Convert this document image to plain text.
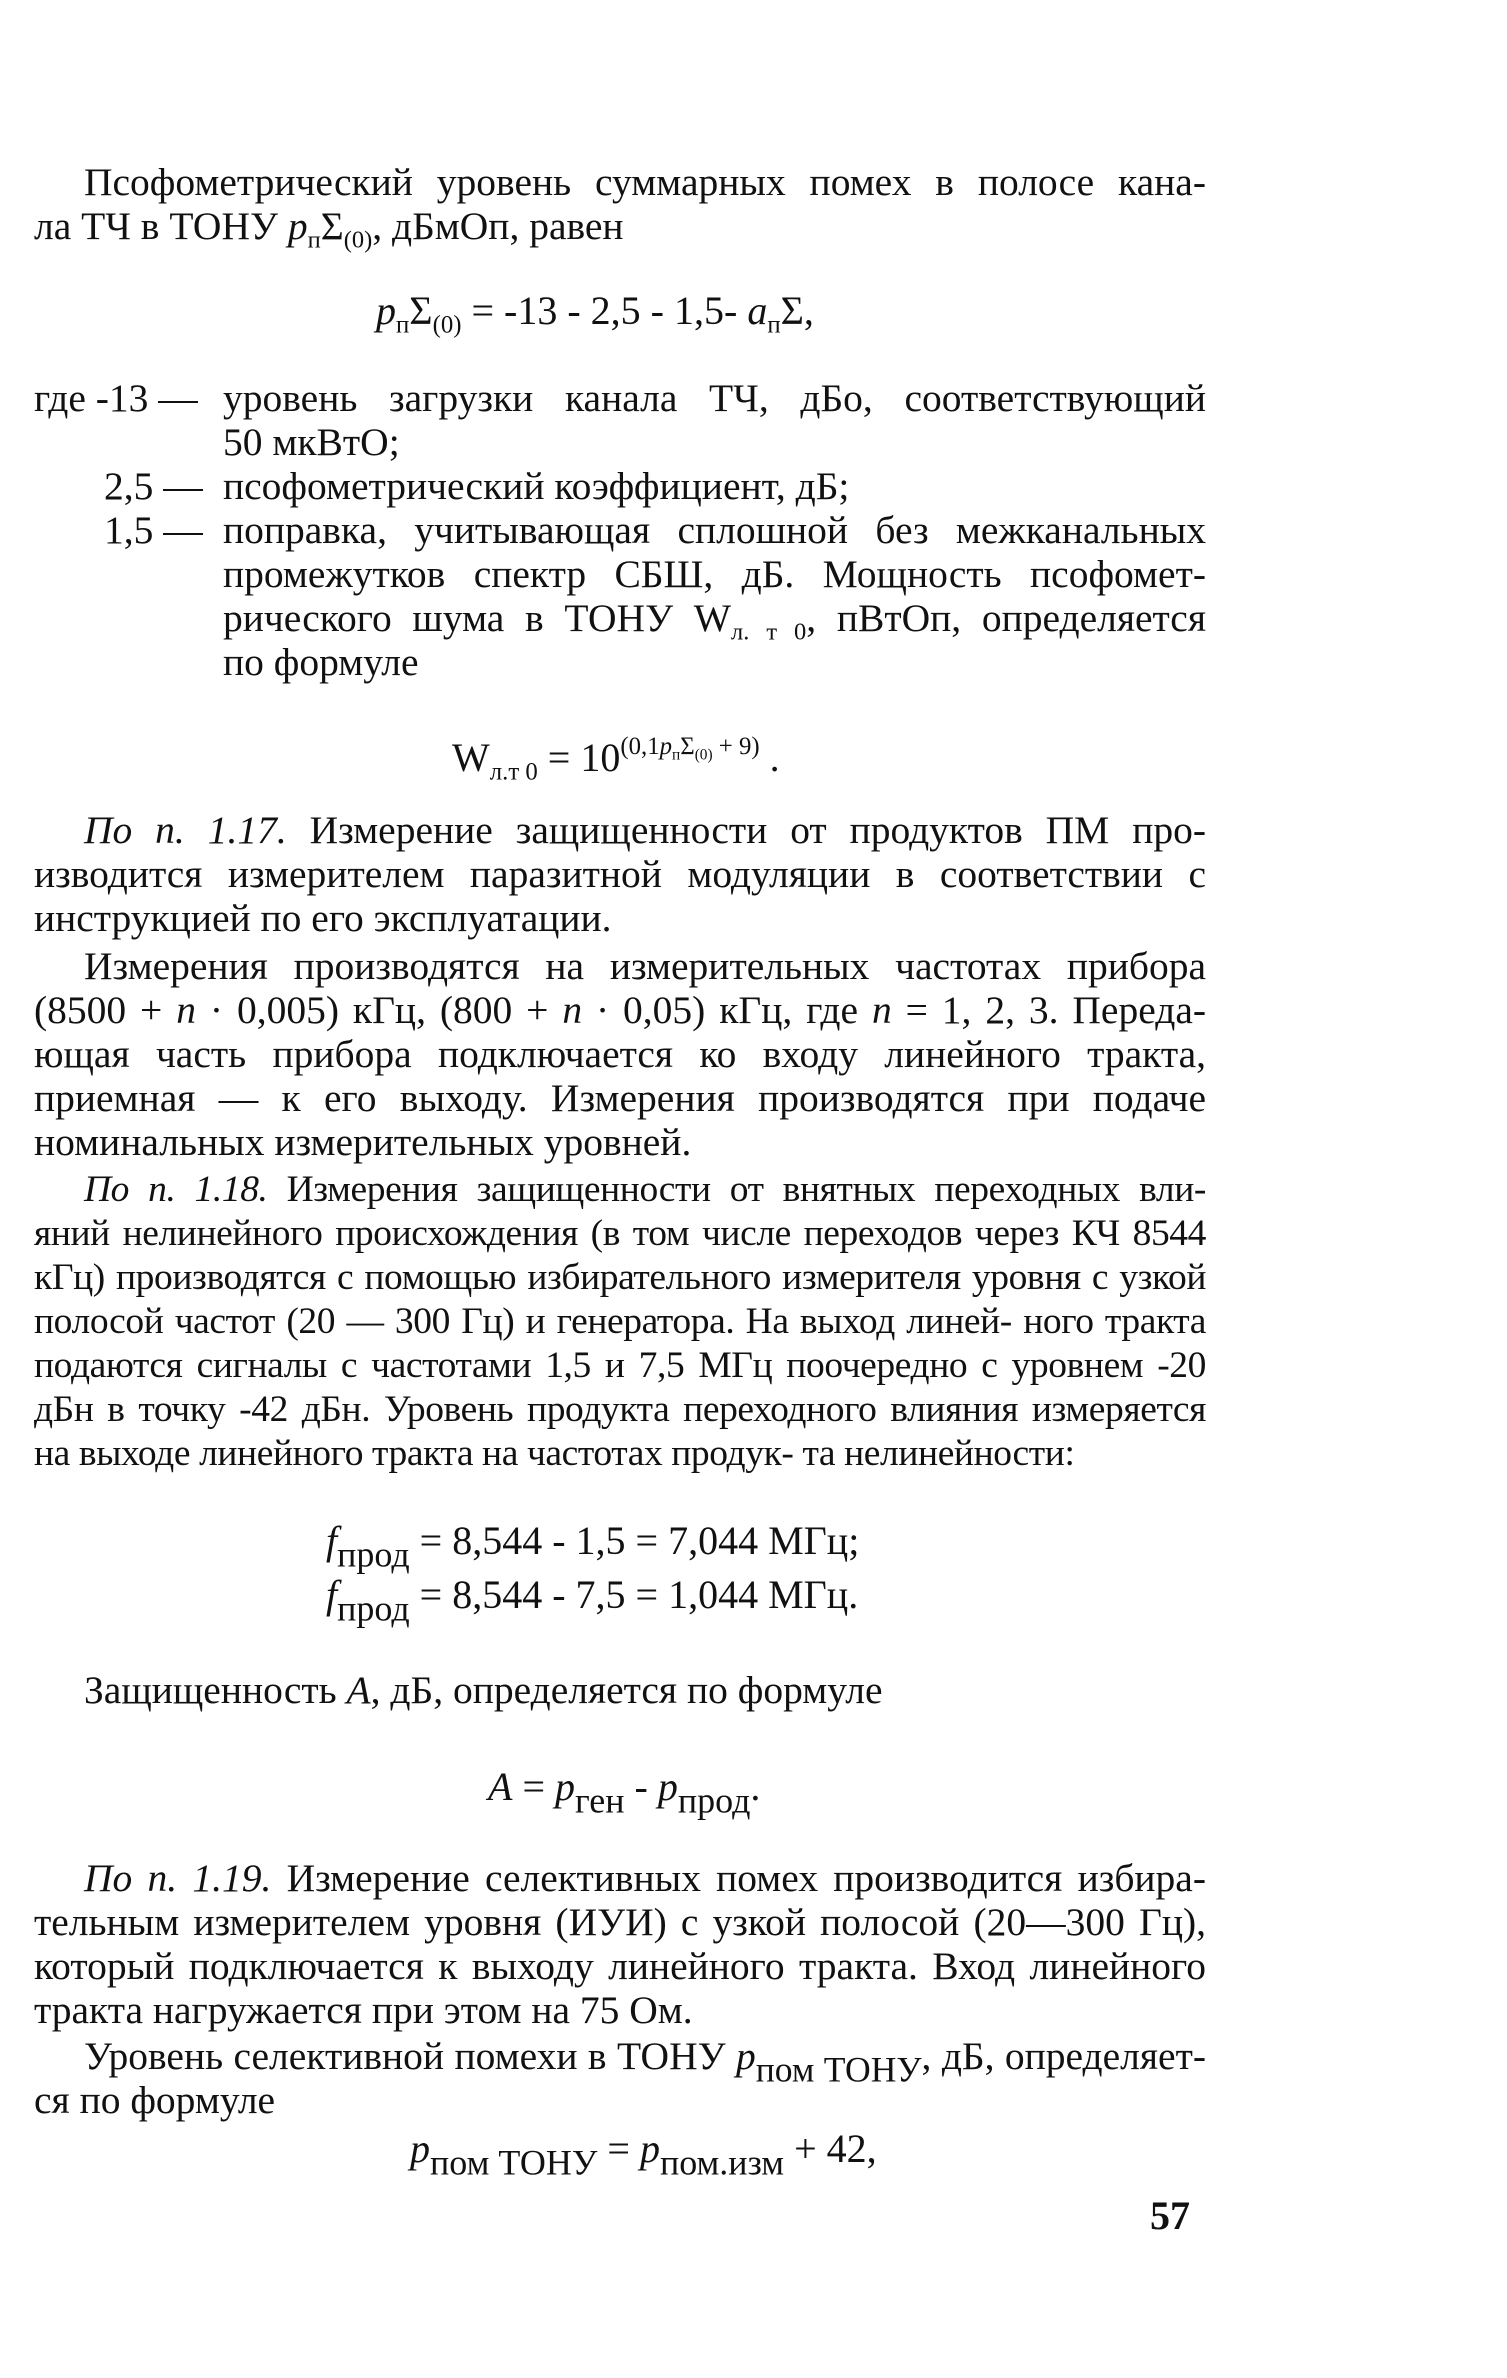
Псофометрический уровень суммарных помех в полосе кана-

ла ТЧ в ТОНУ $p_п\Sigma_{(0)}$, дБмОп, равен

$p_п\Sigma_{(0)} = -13 - 2,5 - 1,5-$ $a_п\Sigma$,
где -13 — уровень загрузки канала ТЧ, дБо, соответствующий
50 мкВтО;
2,5 — псофометрический коэффициент, дБ;
1,5 — поправка, учитывающая сплошной без межканальных
промежутков спектр СБШ, дБ. Мощность псофомет-
рического шума в ТОНУ $W_{л. т 0}$, пВтОп, определяется
по формуле
$W_{л.т 0} = 10^{(0,1p_п\Sigma_{(0)} + 9)}$ .

По п. 1.17. Измерение защищенности от продуктов ПМ про- изводится измерителем паразитной модуляции в соответствии с инструкцией по его эксплуатации.

Измерения производятся на измерительных частотах прибора

(8500 + n · 0,005) кГц, (800 + n · 0,05) кГц, где n = 1, 2, 3. Переда-

ющая часть прибора подключается ко входу линейного тракта, приемная — к его выходу. Измерения производятся при подаче номинальных измерительных уровней.

По п. 1.18. Измерения защищенности от внятных переходных вли- яний нелинейного происхождения (в том числе переходов через КЧ 8544 кГц) производятся с помощью избирательного измерителя уровня с узкой полосой частот (20 — 300 Гц) и генератора. На выход линей- ного тракта подаются сигналы с частотами 1,5 и 7,5 МГц поочередно с уровнем -20 дБн в точку -42 дБн. Уровень продукта переходного влияния измеряется на выходе линейного тракта на частотах продук- та нелинейности:

$f_{прод} = 8,544 - 1,5 = 7,044$ МГц;
$f_{прод} = 8,544 - 7,5 = 1,044$ МГц.

Защищенность A, дБ, определяется по формуле

$A = p_{ген} - p_{прод}$.

По п. 1.19. Измерение селективных помех производится избира- тельным измерителем уровня (ИУИ) с узкой полосой (20—300 Гц), который подключается к выходу линейного тракта. Вход линейного тракта нагружается при этом на 75 Ом.

Уровень селективной помехи в ТОНУ $p_{пом ТОНУ}$, дБ, определяет-

ся по формуле

$p_{пом ТОНУ} = p_{пом.изм} + 42$,
57
